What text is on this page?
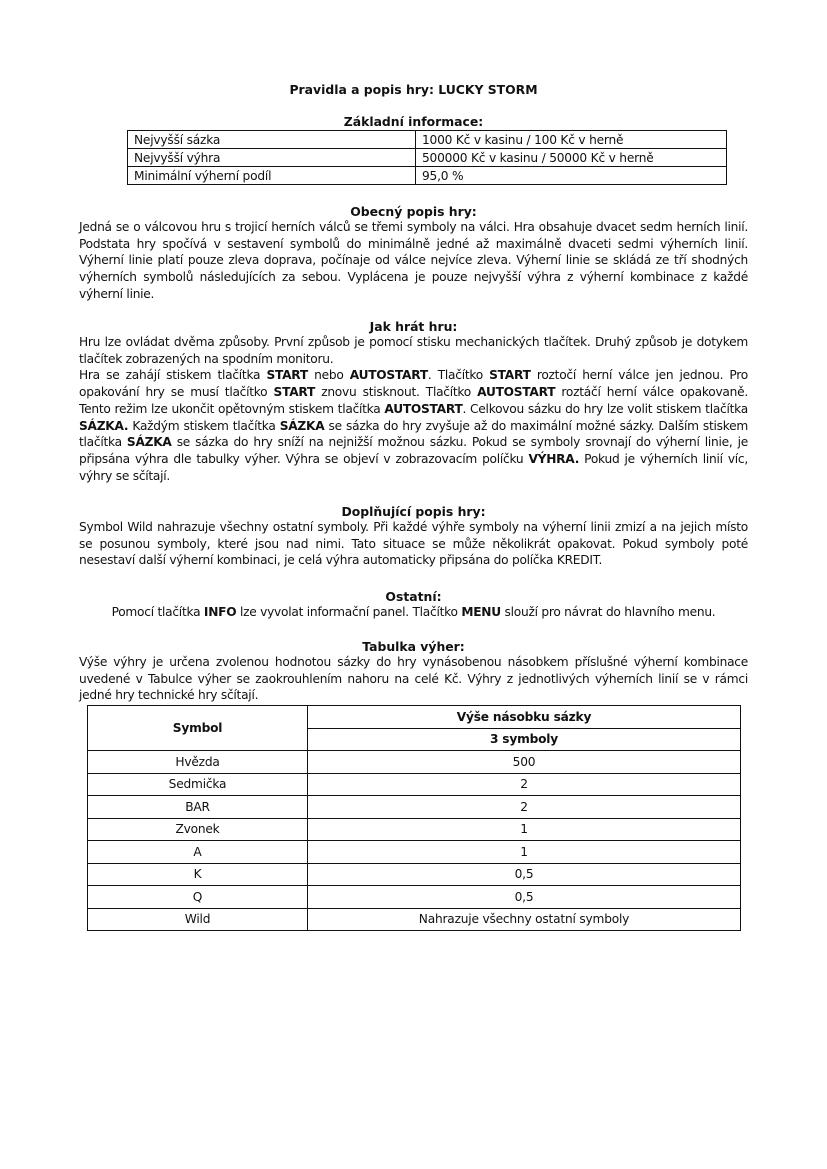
Pravidla a popis hry: LUCKY STORM
Základní informace:
Nejvyšší sázka	1000 Kč v kasinu / 100 Kč v herně
Nejvyšší výhra	500000 Kč v kasinu / 50000 Kč v herně
Minimální výherní podíl	95,0 %
Obecný popis hry:
Jedná se o válcovou hru s trojicí herních válců se třemi symboly na válci. Hra obsahuje dvacet sedm herních linií. Podstata hry spočívá v sestavení symbolů do minimálně jedné až maximálně dvaceti sedmi výherních linií. Výherní linie platí pouze zleva doprava, počínaje od válce nejvíce zleva. Výherní linie se skládá ze tří shodných výherních symbolů následujících za sebou. Vyplácena je pouze nejvyšší výhra z výherní kombinace z každé výherní linie.
Jak hrát hru:
Hru lze ovládat dvěma způsoby. První způsob je pomocí stisku mechanických tlačítek. Druhý způsob je dotykem tlačítek zobrazených na spodním monitoru.
Hra se zahájí stiskem tlačítka START nebo AUTOSTART. Tlačítko START roztočí herní válce jen jednou. Pro opakování hry se musí tlačítko START znovu stisknout. Tlačítko AUTOSTART roztáčí herní válce opakovaně. Tento režim lze ukončit opětovným stiskem tlačítka AUTOSTART. Celkovou sázku do hry lze volit stiskem tlačítka SÁZKA. Každým stiskem tlačítka SÁZKA se sázka do hry zvyšuje až do maximální možné sázky. Dalším stiskem tlačítka SÁZKA se sázka do hry sníží na nejnižší možnou sázku. Pokud se symboly srovnají do výherní linie, je připsána výhra dle tabulky výher. Výhra se objeví v zobrazovacím políčku VÝHRA. Pokud je výherních linií víc, výhry se sčítají.
Doplňující popis hry:
Symbol Wild nahrazuje všechny ostatní symboly. Při každé výhře symboly na výherní linii zmizí a na jejich místo se posunou symboly, které jsou nad nimi. Tato situace se může několikrát opakovat. Pokud symboly poté nesestaví další výherní kombinaci, je celá výhra automaticky připsána do políčka KREDIT.
Ostatní:
Pomocí tlačítka INFO lze vyvolat informační panel. Tlačítko MENU slouží pro návrat do hlavního menu.
Tabulka výher:
Výše výhry je určena zvolenou hodnotou sázky do hry vynásobenou násobkem příslušné výherní kombinace uvedené v Tabulce výher se zaokrouhlením nahoru na celé Kč. Výhry z jednotlivých výherních linií se v rámci jedné hry technické hry sčítají.
Symbol	Výše násobku sázky
	3 symboly
Hvězda	500
Sedmička	2
BAR	2
Zvonek	1
A	1
K	0,5
Q	0,5
Wild	Nahrazuje všechny ostatní symboly
